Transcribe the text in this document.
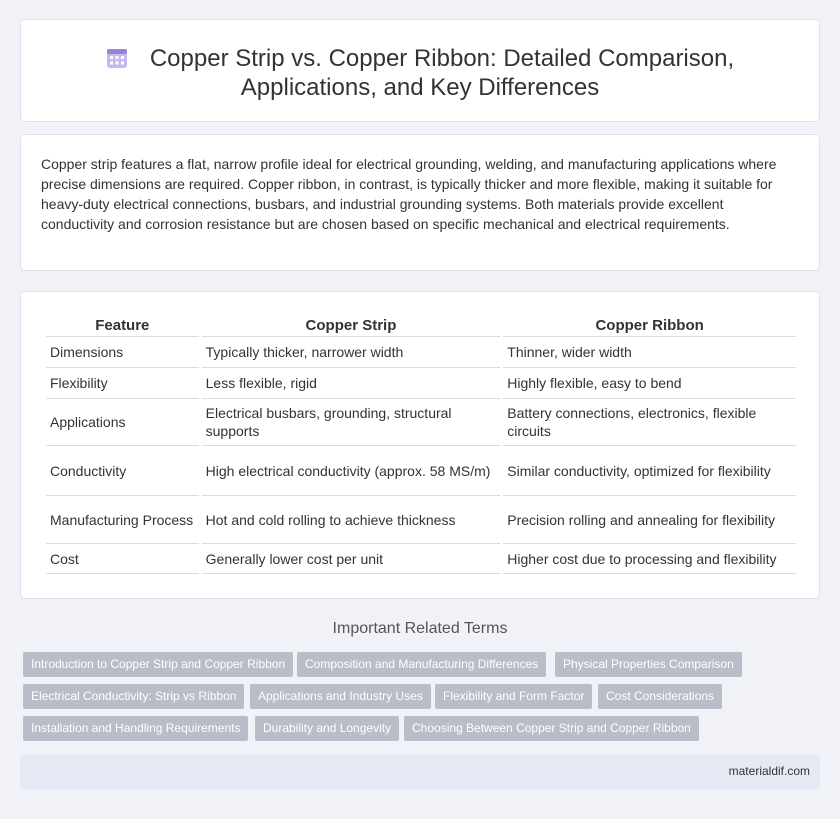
Copper Strip vs. Copper Ribbon: Detailed Comparison,
Applications, and Key Differences

Copper strip features a flat, narrow profile ideal for electrical grounding, welding, and manufacturing applications where precise dimensions are required. Copper ribbon, in contrast, is typically thicker and more flexible, making it suitable for heavy-duty electrical connections, busbars, and industrial grounding systems. Both materials provide excellent conductivity and corrosion resistance but are chosen based on specific mechanical and electrical requirements.

Feature	Copper Strip	Copper Ribbon
Dimensions	Typically thicker, narrower width	Thinner, wider width
Flexibility	Less flexible, rigid	Highly flexible, easy to bend
Applications	Electrical busbars, grounding, structural supports	Battery connections, electronics, flexible circuits
Conductivity	High electrical conductivity (approx. 58 MS/m)	Similar conductivity, optimized for flexibility
Manufacturing Process	Hot and cold rolling to achieve thickness	Precision rolling and annealing for flexibility
Cost	Generally lower cost per unit	Higher cost due to processing and flexibility
Important Related Terms
Introduction to Copper Strip and Copper Ribbon	Composition and Manufacturing Differences	Physical Properties Comparison
Electrical Conductivity: Strip vs Ribbon	Applications and Industry Uses	Flexibility and Form Factor	Cost Considerations
Installation and Handling Requirements	Durability and Longevity	Choosing Between Copper Strip and Copper Ribbon
materialdif.com
